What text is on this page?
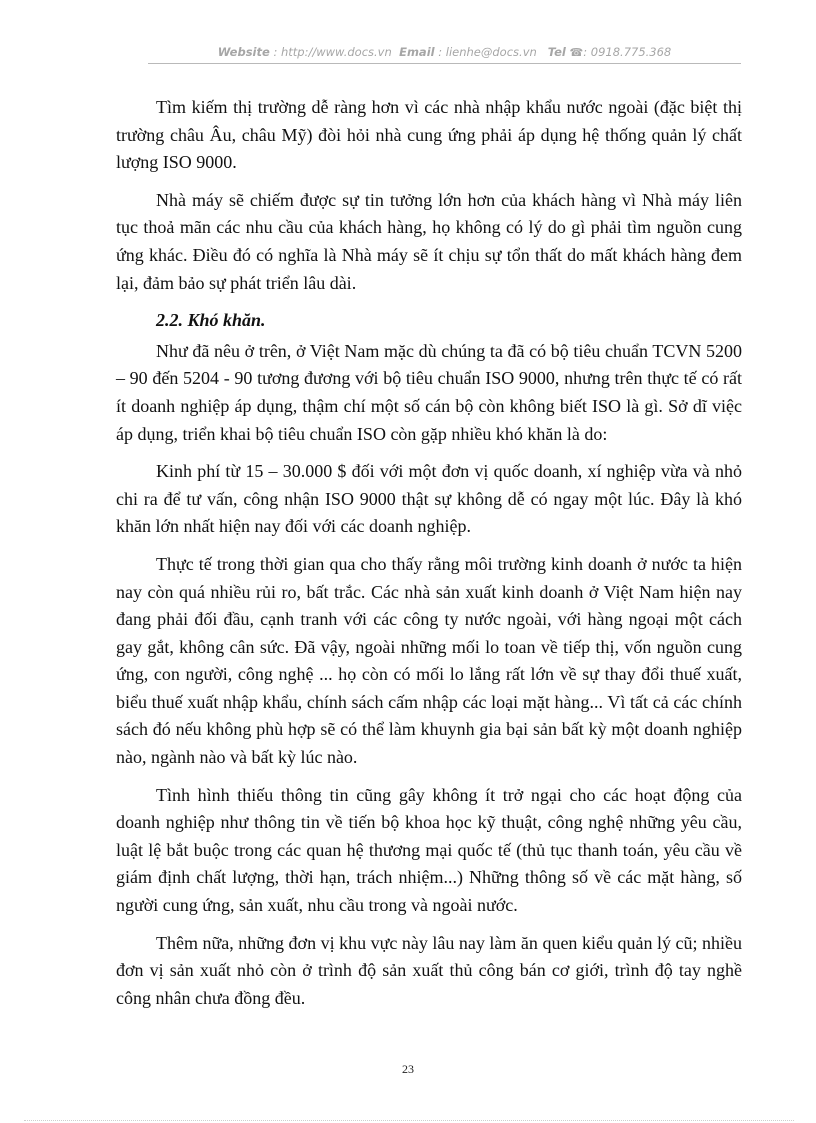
Website : http://www.docs.vn Email : lienhe@docs.vn Tel ☎: 0918.775.368

Tìm kiếm thị trường dễ ràng hơn vì các nhà nhập khẩu nước ngoài (đặc biệt thị trường châu Âu, châu Mỹ) đòi hỏi nhà cung ứng phải áp dụng hệ thống quản lý chất lượng ISO 9000.

Nhà máy sẽ chiếm được sự tin tưởng lớn hơn của khách hàng vì Nhà máy liên tục thoả mãn các nhu cầu của khách hàng, họ không có lý do gì phải tìm nguồn cung ứng khác. Điều đó có nghĩa là Nhà máy sẽ ít chịu sự tổn thất do mất khách hàng đem lại, đảm bảo sự phát triển lâu dài.

2.2. Khó khăn.

Như đã nêu ở trên, ở Việt Nam mặc dù chúng ta đã có bộ tiêu chuẩn TCVN 5200 – 90 đến 5204 - 90 tương đương với bộ tiêu chuẩn ISO 9000, nhưng trên thực tế có rất ít doanh nghiệp áp dụng, thậm chí một số cán bộ còn không biết ISO là gì. Sở dĩ việc áp dụng, triển khai bộ tiêu chuẩn ISO còn gặp nhiều khó khăn là do:

Kinh phí từ 15 – 30.000 $ đối với một đơn vị quốc doanh, xí nghiệp vừa và nhỏ chi ra để tư vấn, công nhận ISO 9000 thật sự không dễ có ngay một lúc. Đây là khó khăn lớn nhất hiện nay đối với các doanh nghiệp.

Thực tế trong thời gian qua cho thấy rằng môi trường kinh doanh ở nước ta hiện nay còn quá nhiều rủi ro, bất trắc. Các nhà sản xuất kinh doanh ở Việt Nam hiện nay đang phải đối đầu, cạnh tranh với các công ty nước ngoài, với hàng ngoại một cách gay gắt, không cân sức. Đã vậy, ngoài những mối lo toan về tiếp thị, vốn nguồn cung ứng, con người, công nghệ ... họ còn có mối lo lắng rất lớn về sự thay đổi thuế xuất, biểu thuế xuất nhập khẩu, chính sách cấm nhập các loại mặt hàng... Vì tất cả các chính sách đó nếu không phù hợp sẽ có thể làm khuynh gia bại sản bất kỳ một doanh nghiệp nào, ngành nào và bất kỳ lúc nào.

Tình hình thiếu thông tin cũng gây không ít trở ngại cho các hoạt động của doanh nghiệp như thông tin về tiến bộ khoa học kỹ thuật, công nghệ những yêu cầu, luật lệ bắt buộc trong các quan hệ thương mại quốc tế (thủ tục thanh toán, yêu cầu về giám định chất lượng, thời hạn, trách nhiệm...) Những thông số về các mặt hàng, số người cung ứng, sản xuất, nhu cầu trong và ngoài nước.

Thêm nữa, những đơn vị khu vực này lâu nay làm ăn quen kiểu quản lý cũ; nhiều đơn vị sản xuất nhỏ còn ở trình độ sản xuất thủ công bán cơ giới, trình độ tay nghề công nhân chưa đồng đều.

23
